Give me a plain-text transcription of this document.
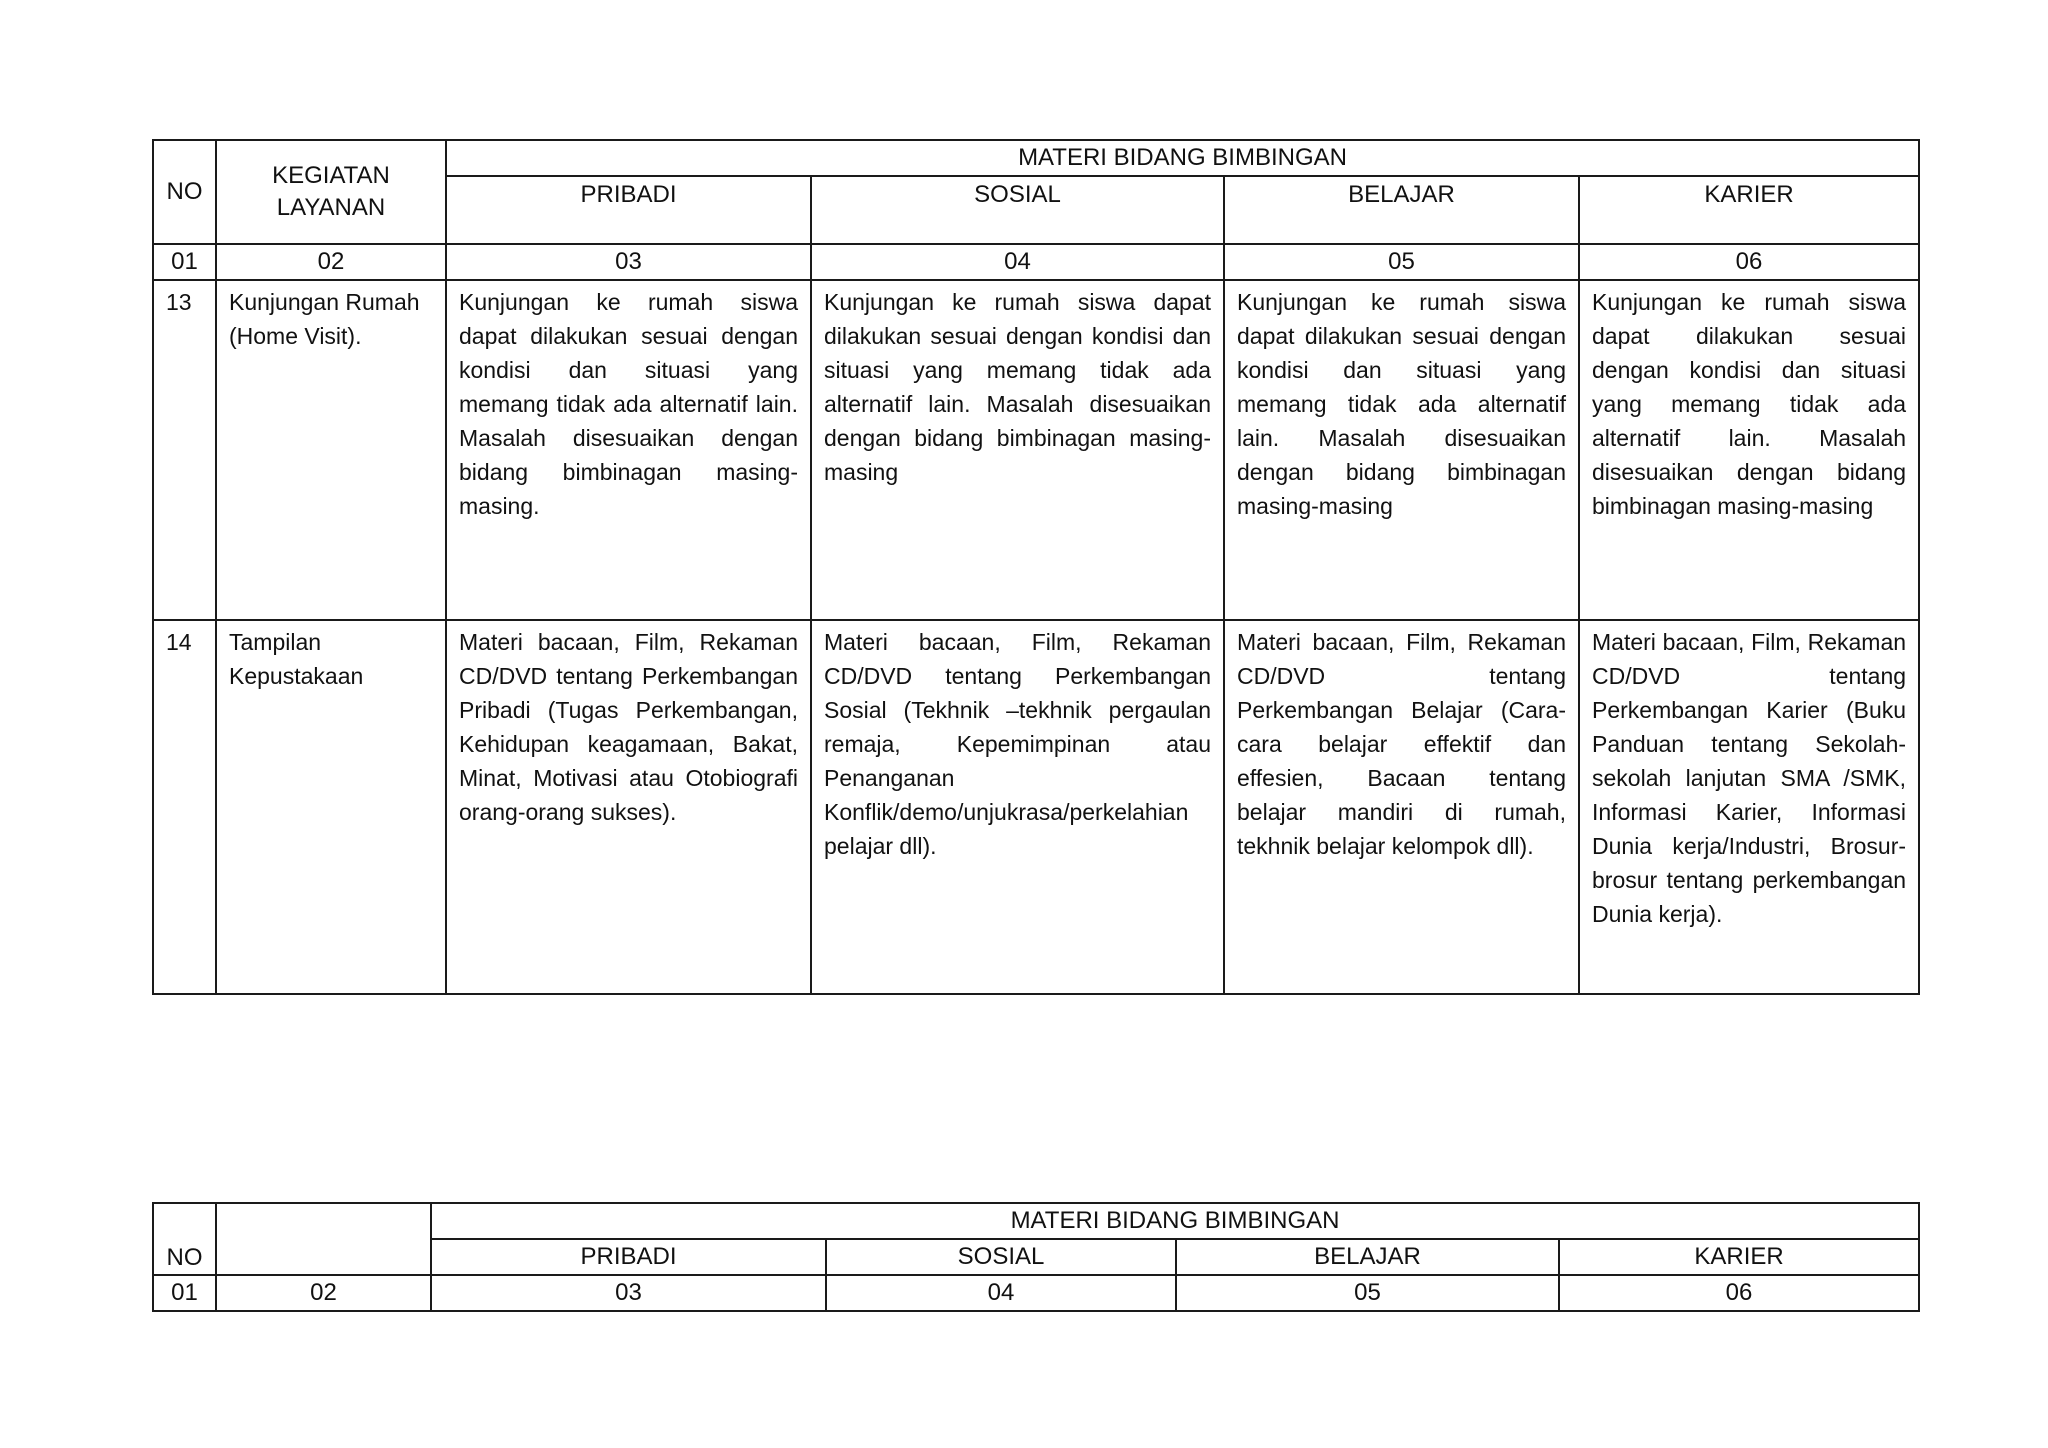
NO	KEGIATAN LAYANAN	MATERI BIDANG BIMBINGAN			
		PRIBADI	SOSIAL	BELAJAR	KARIER
01	02	03	04	05	06
13	Kunjungan Rumah (Home Visit).	Kunjungan ke rumah siswa dapat dilakukan sesuai dengan kondisi dan situasi yang memang tidak ada alternatif lain. Masalah disesuaikan dengan bidang bimbinagan masing-masing.	Kunjungan ke rumah siswa dapat dilakukan sesuai dengan kondisi dan situasi yang memang tidak ada alternatif lain. Masalah disesuaikan dengan bidang bimbinagan masing-masing	Kunjungan ke rumah siswa dapat dilakukan sesuai dengan kondisi dan situasi yang memang tidak ada alternatif lain. Masalah disesuaikan dengan bidang bimbinagan masing-masing	Kunjungan ke rumah siswa dapat dilakukan sesuai dengan kondisi dan situasi yang memang tidak ada alternatif lain. Masalah disesuaikan dengan bidang bimbinagan masing-masing
14	Tampilan Kepustakaan	Materi bacaan, Film, Rekaman CD/DVD tentang Perkembangan Pribadi (Tugas Perkembangan, Kehidupan keagamaan, Bakat, Minat, Motivasi atau Otobiografi orang-orang sukses).	Materi bacaan, Film, Rekaman CD/DVD tentang Perkembangan Sosial (Tekhnik –tekhnik pergaulan remaja, Kepemimpinan atau Penanganan Konflik/demo/unjukrasa/perkelahian pelajar dll).	Materi bacaan, Film, Rekaman CD/DVD tentang Perkembangan Belajar (Cara-cara belajar effektif dan effesien, Bacaan tentang belajar mandiri di rumah, tekhnik belajar kelompok dll).	Materi bacaan, Film, Rekaman CD/DVD tentang Perkembangan Karier (Buku Panduan tentang Sekolah-sekolah lanjutan SMA /SMK, Informasi Karier, Informasi Dunia kerja/Industri, Brosur-brosur tentang perkembangan Dunia kerja).
NO		MATERI BIDANG BIMBINGAN			
		PRIBADI	SOSIAL	BELAJAR	KARIER
01	02	03	04	05	06
